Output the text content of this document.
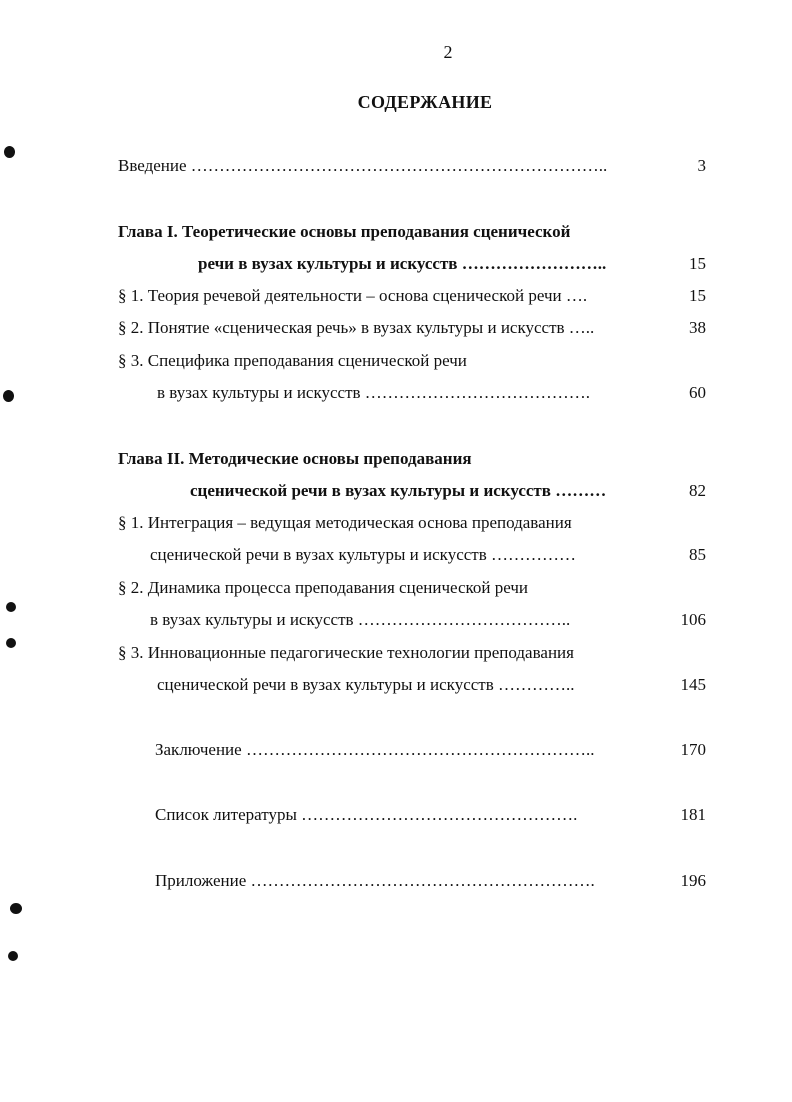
2
СОДЕРЖАНИЕ
Введение ………………………………………………………………..	3
Глава I. Теоретические основы преподавания сценической
речи в вузах культуры и искусств ……………………..	15
§ 1. Теория речевой деятельности – основа сценической речи ….	15
§ 2. Понятие «сценическая речь» в вузах культуры и искусств …..	38
§ 3. Специфика преподавания сценической речи
в вузах культуры и искусств ………………………………….	60
Глава II. Методические основы преподавания
сценической речи в вузах культуры и искусств ………	82
§ 1. Интеграция – ведущая методическая основа преподавания
сценической речи в вузах культуры и искусств ……………	85
§ 2. Динамика процесса преподавания сценической речи
в вузах культуры и искусств ………………………………..	106
§ 3. Инновационные педагогические технологии преподавания
сценической речи в вузах культуры и искусств …………..	145
Заключение ……………………………………………………..	170
Список литературы ………………………………………….	181
Приложение …………………………………………………….	196
